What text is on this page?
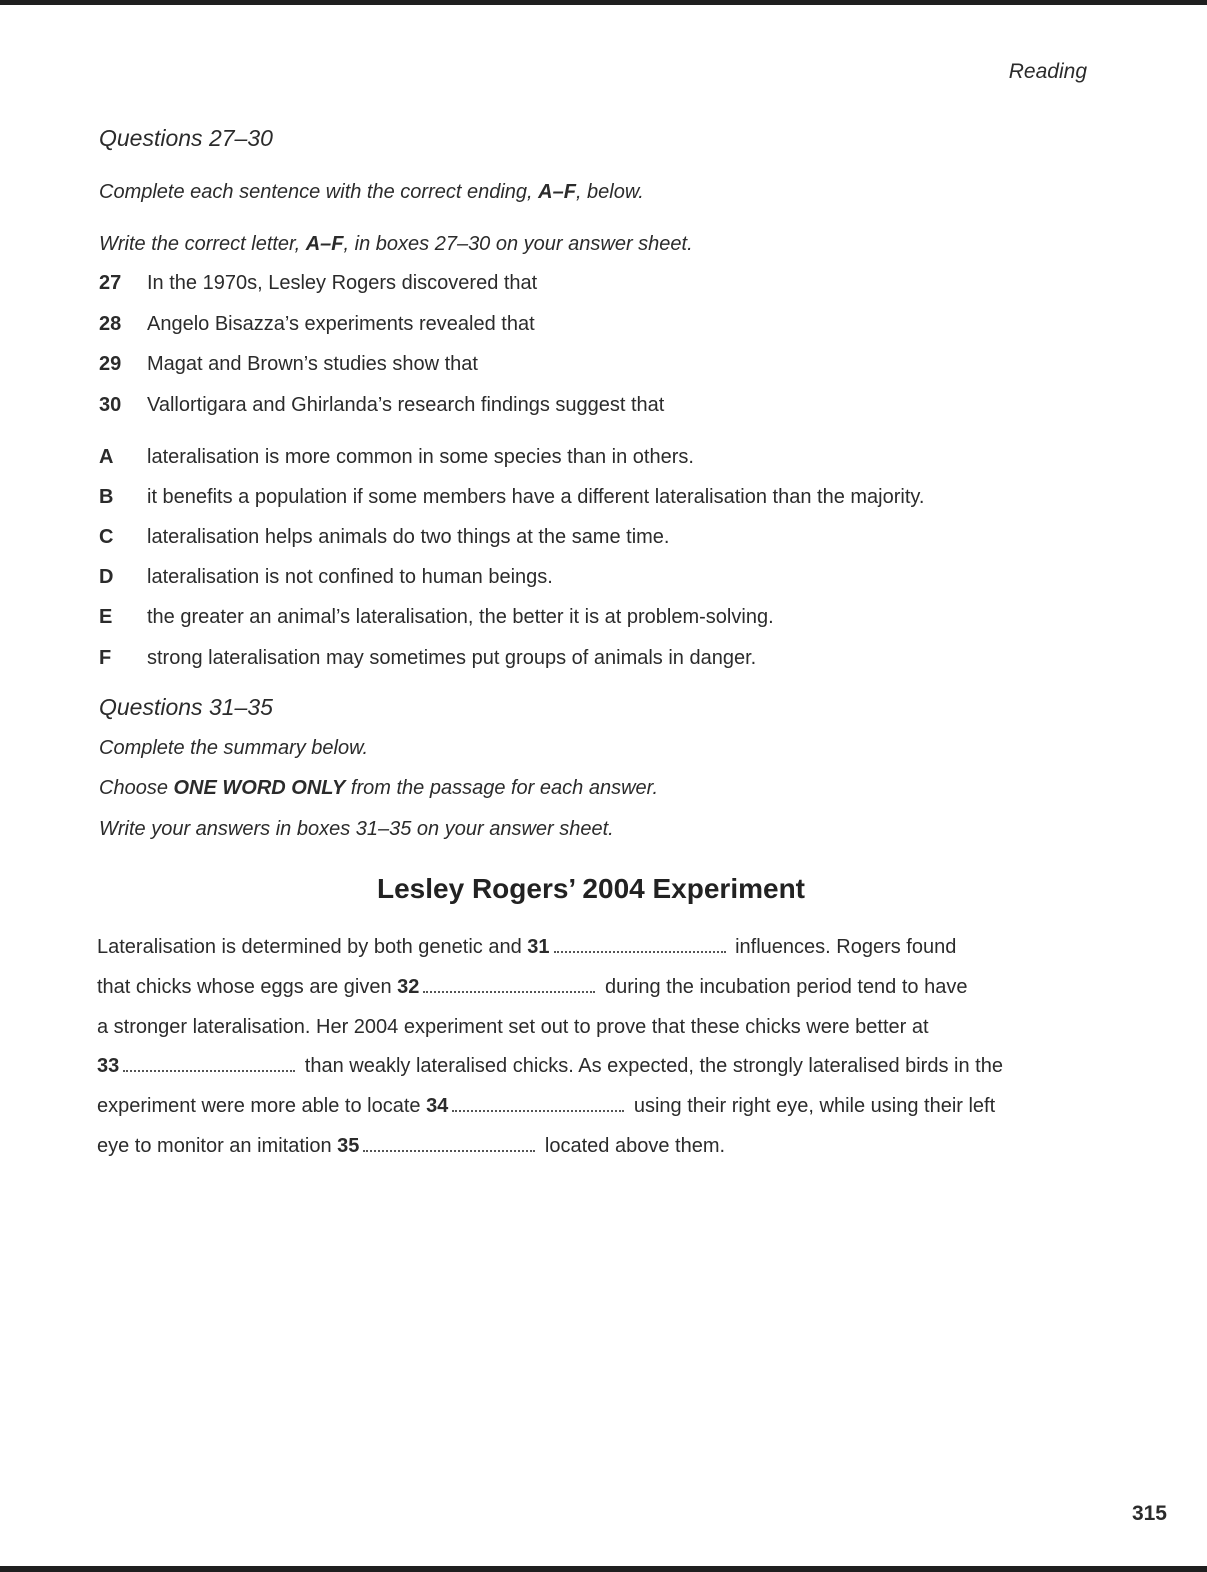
Reading
Questions 27–30
Complete each sentence with the correct ending, A–F, below.
Write the correct letter, A–F, in boxes 27–30 on your answer sheet.
27	In the 1970s, Lesley Rogers discovered that
28	Angelo Bisazza’s experiments revealed that
29	Magat and Brown’s studies show that
30	Vallortigara and Ghirlanda’s research findings suggest that
A	lateralisation is more common in some species than in others.
B	it benefits a population if some members have a different lateralisation than the majority.
C	lateralisation helps animals do two things at the same time.
D	lateralisation is not confined to human beings.
E	the greater an animal’s lateralisation, the better it is at problem-solving.
F	strong lateralisation may sometimes put groups of animals in danger.
Questions 31–35
Complete the summary below.
Choose ONE WORD ONLY from the passage for each answer.
Write your answers in boxes 31–35 on your answer sheet.
Lesley Rogers’ 2004 Experiment
Lateralisation is determined by both genetic and 31	influences. Rogers found
that chicks whose eggs are given 32	during the incubation period tend to have
a stronger lateralisation. Her 2004 experiment set out to prove that these chicks were better at
33	than weakly lateralised chicks. As expected, the strongly lateralised birds in the
experiment were more able to locate 34	using their right eye, while using their left
eye to monitor an imitation 35	located above them.
315
